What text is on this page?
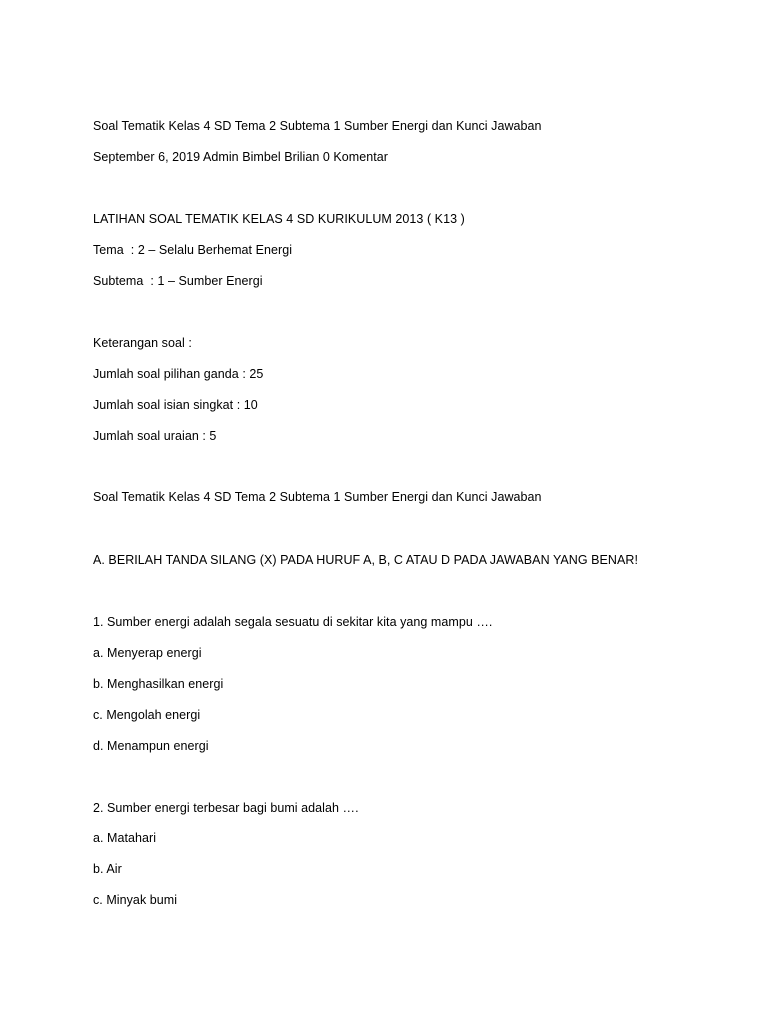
Soal Tematik Kelas 4 SD Tema 2 Subtema 1 Sumber Energi dan Kunci Jawaban
September 6, 2019 Admin Bimbel Brilian 0 Komentar
LATIHAN SOAL TEMATIK KELAS 4 SD KURIKULUM 2013 ( K13 )
Tema  : 2 – Selalu Berhemat Energi
Subtema  : 1 – Sumber Energi
Keterangan soal :
Jumlah soal pilihan ganda : 25
Jumlah soal isian singkat : 10
Jumlah soal uraian : 5
Soal Tematik Kelas 4 SD Tema 2 Subtema 1 Sumber Energi dan Kunci Jawaban
A. BERILAH TANDA SILANG (X) PADA HURUF A, B, C ATAU D PADA JAWABAN YANG BENAR!
1. Sumber energi adalah segala sesuatu di sekitar kita yang mampu ….
a. Menyerap energi
b. Menghasilkan energi
c. Mengolah energi
d. Menampun energi
2. Sumber energi terbesar bagi bumi adalah ….
a. Matahari
b. Air
c. Minyak bumi
